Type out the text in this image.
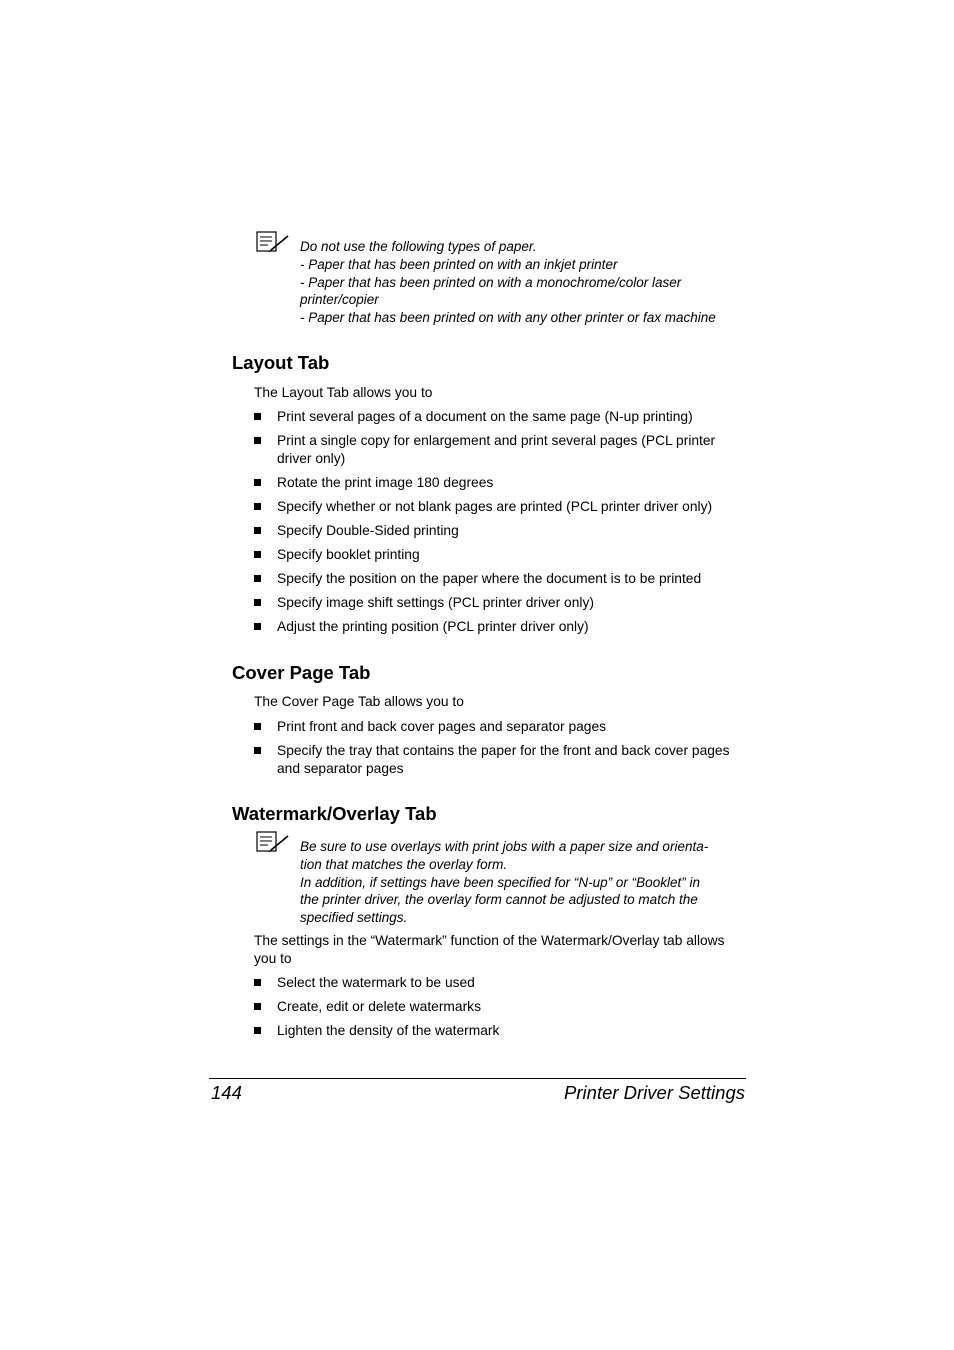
Do not use the following types of paper.
- Paper that has been printed on with an inkjet printer
- Paper that has been printed on with a monochrome/color laser
printer/copier
- Paper that has been printed on with any other printer or fax machine
Layout Tab
The Layout Tab allows you to
Print several pages of a document on the same page (N-up printing)
Print a single copy for enlargement and print several pages (PCL printer
driver only)
Rotate the print image 180 degrees
Specify whether or not blank pages are printed (PCL printer driver only)
Specify Double-Sided printing
Specify booklet printing
Specify the position on the paper where the document is to be printed
Specify image shift settings (PCL printer driver only)
Adjust the printing position (PCL printer driver only)
Cover Page Tab
The Cover Page Tab allows you to
Print front and back cover pages and separator pages
Specify the tray that contains the paper for the front and back cover pages
and separator pages
Watermark/Overlay Tab
Be sure to use overlays with print jobs with a paper size and orienta-
tion that matches the overlay form.
In addition, if settings have been specified for “N-up” or “Booklet” in
the printer driver, the overlay form cannot be adjusted to match the
specified settings.
The settings in the “Watermark” function of the Watermark/Overlay tab allows
you to
Select the watermark to be used
Create, edit or delete watermarks
Lighten the density of the watermark
144	Printer Driver Settings
